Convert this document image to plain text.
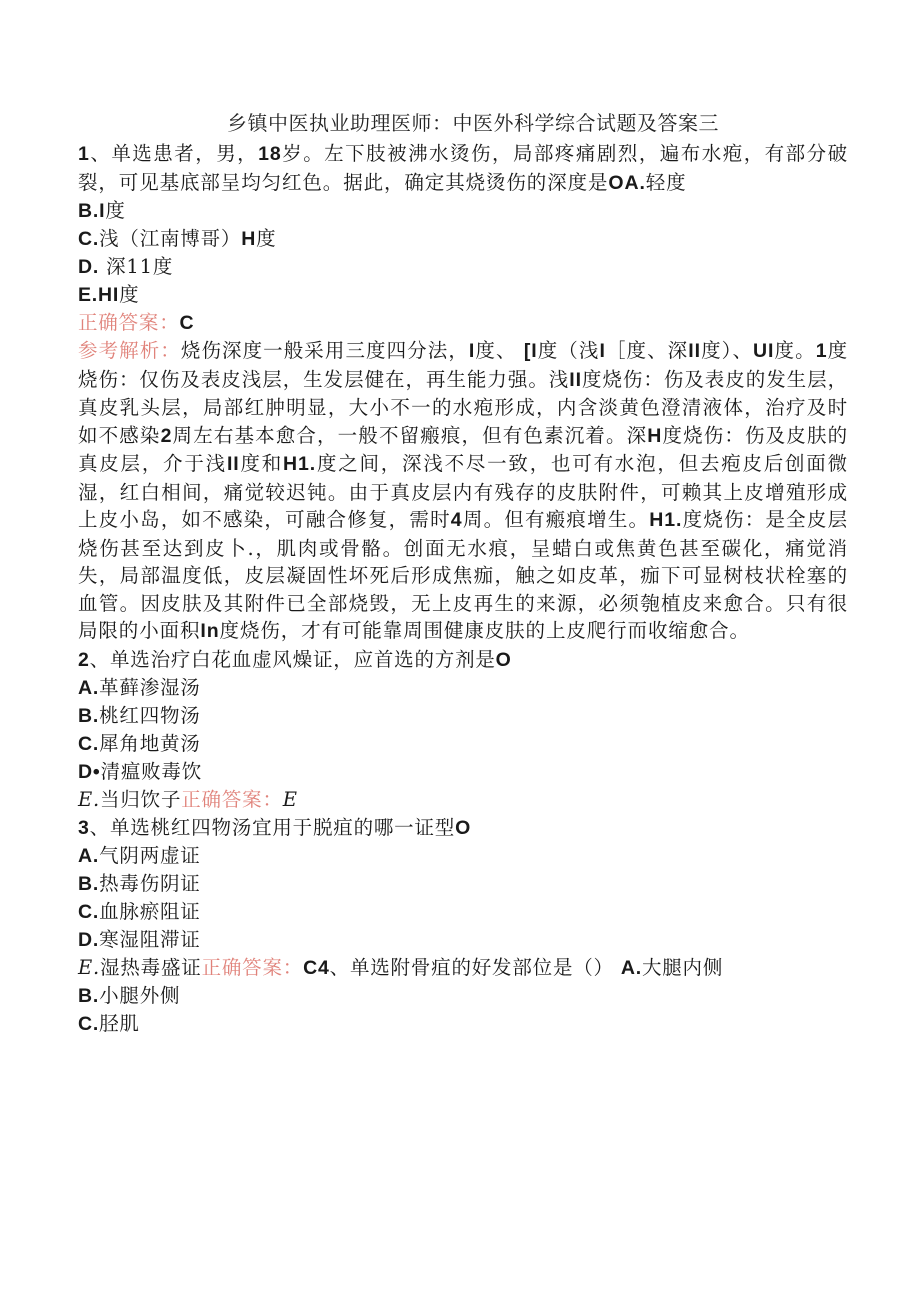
乡镇中医执业助理医师：中医外科学综合试题及答案三

1、单选患者，男，18岁。左下肢被沸水烫伤，局部疼痛剧烈，遍布水疱，有部分破裂，可见基底部呈均匀红色。据此，确定其烧烫伤的深度是OA.轻度

B.I度

C.浅（江南博哥）H度

D. 深11度

E.HI度

正确答案：C

参考解析：烧伤深度一般采用三度四分法，I度、 [I度（浅I［度、深II度）、UI度。1度烧伤：仅伤及表皮浅层，生发层健在，再生能力强。浅II度烧伤：伤及表皮的发生层，真皮乳头层，局部红肿明显，大小不一的水疱形成，内含淡黄色澄清液体，治疗及时如不感染2周左右基本愈合，一般不留瘢痕，但有色素沉着。深H度烧伤：伤及皮肤的真皮层，介于浅II度和H1.度之间，深浅不尽一致，也可有水泡，但去疱皮后创面微湿，红白相间，痛觉较迟钝。由于真皮层内有残存的皮肤附件，可赖其上皮增殖形成上皮小岛，如不感染，可融合修复，需时4周。但有瘢痕增生。H1.度烧伤：是全皮层烧伤甚至达到皮卜.，肌肉或骨骼。创面无水痕，呈蜡白或焦黄色甚至碳化，痛觉消失，局部温度低，皮层凝固性坏死后形成焦痂，触之如皮革，痂下可显树枝状栓塞的血管。因皮肤及其附件已全部烧毁，无上皮再生的来源，必须匏植皮来愈合。只有很局限的小面积In度烧伤，才有可能靠周围健康皮肤的上皮爬行而收缩愈合。

2、单选治疗白花血虚风燥证，应首选的方剂是O

A.革藓渗湿汤

B.桃红四物汤

C.犀角地黄汤

D•清瘟败毒饮

E.当归饮子正确答案：E

3、单选桃红四物汤宜用于脱疽的哪一证型O

A.气阴两虚证

B.热毒伤阴证

C.血脉瘀阻证

D.寒湿阻滞证

E.湿热毒盛证正确答案：C4、单选附骨疽的好发部位是（） A.大腿内侧

B.小腿外侧

C.胫肌
